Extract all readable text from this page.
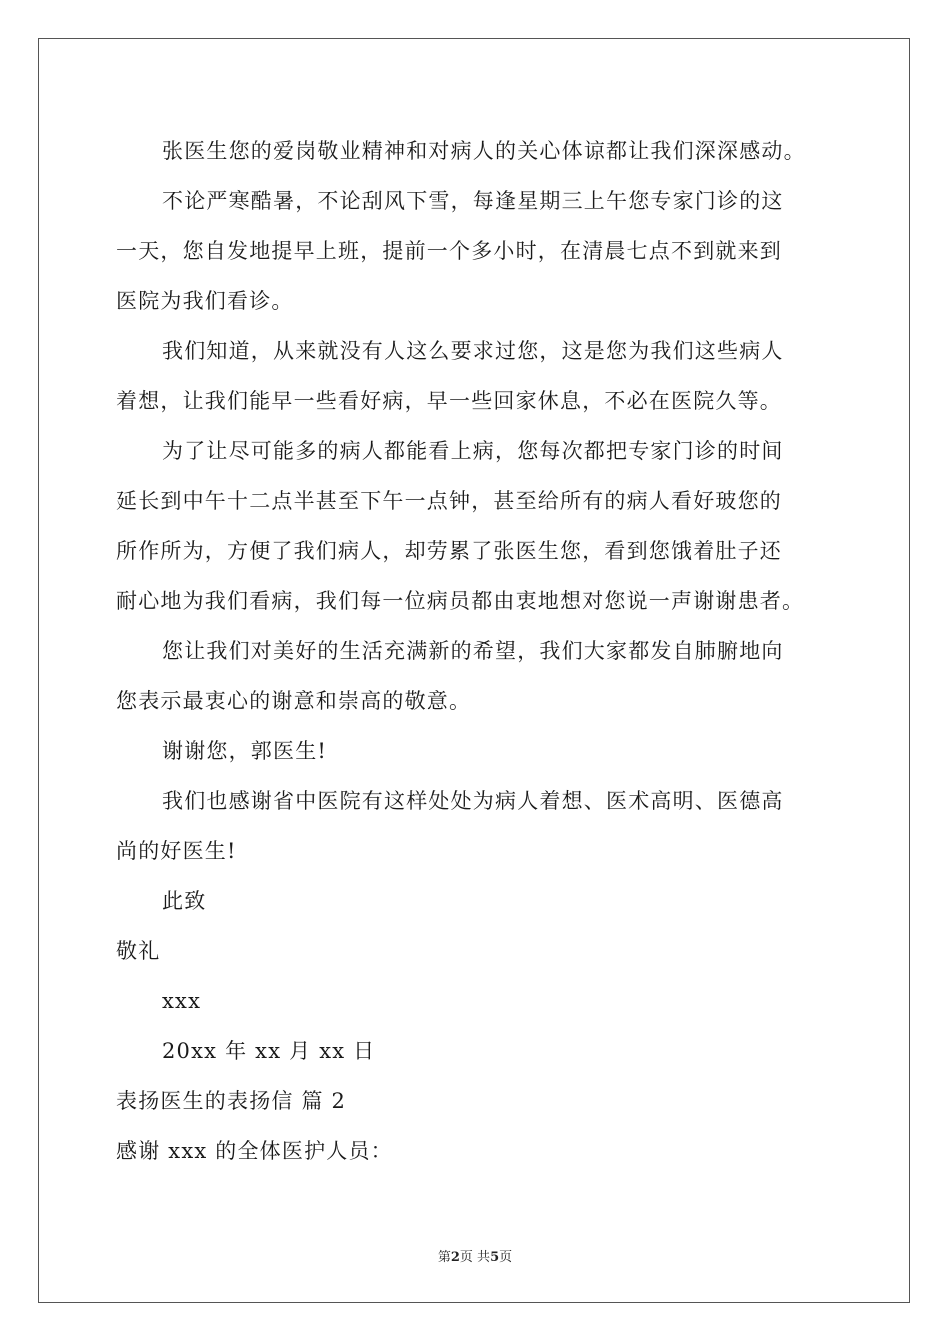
张医生您的爱岗敬业精神和对病人的关心体谅都让我们深深感动。
不论严寒酷暑，不论刮风下雪，每逢星期三上午您专家门诊的这
一天，您自发地提早上班，提前一个多小时，在清晨七点不到就来到
医院为我们看诊。
我们知道，从来就没有人这么要求过您，这是您为我们这些病人
着想，让我们能早一些看好病，早一些回家休息，不必在医院久等。
为了让尽可能多的病人都能看上病，您每次都把专家门诊的时间
延长到中午十二点半甚至下午一点钟，甚至给所有的病人看好玻您的
所作所为，方便了我们病人，却劳累了张医生您，看到您饿着肚子还
耐心地为我们看病，我们每一位病员都由衷地想对您说一声谢谢患者。
您让我们对美好的生活充满新的希望，我们大家都发自肺腑地向
您表示最衷心的谢意和崇高的敬意。
谢谢您，郭医生!
我们也感谢省中医院有这样处处为病人着想、医术高明、医德高
尚的好医生!
此致
敬礼
xxx
20xx 年 xx 月 xx 日
表扬医生的表扬信 篇 2
感谢 xxx 的全体医护人员：
第2页 共5页
